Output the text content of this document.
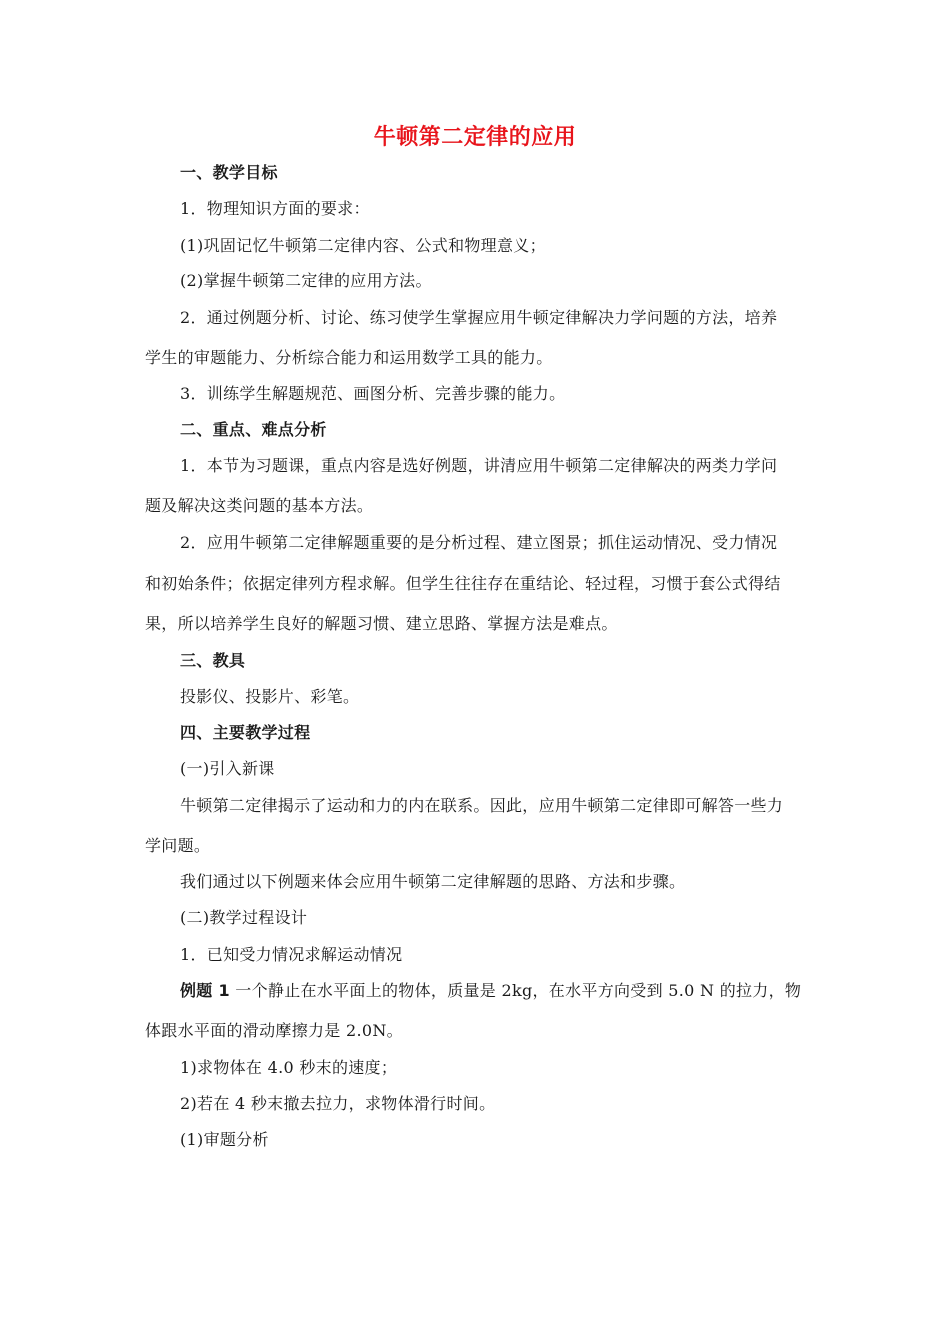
牛顿第二定律的应用
一、教学目标
1．物理知识方面的要求：
(1)巩固记忆牛顿第二定律内容、公式和物理意义；
(2)掌握牛顿第二定律的应用方法。
2．通过例题分析、讨论、练习使学生掌握应用牛顿定律解决力学问题的方法，培养
学生的审题能力、分析综合能力和运用数学工具的能力。
3．训练学生解题规范、画图分析、完善步骤的能力。
二、重点、难点分析
1．本节为习题课，重点内容是选好例题，讲清应用牛顿第二定律解决的两类力学问
题及解决这类问题的基本方法。
2．应用牛顿第二定律解题重要的是分析过程、建立图景；抓住运动情况、受力情况
和初始条件；依据定律列方程求解。但学生往往存在重结论、轻过程，习惯于套公式得结
果，所以培养学生良好的解题习惯、建立思路、掌握方法是难点。
三、教具
投影仪、投影片、彩笔。
四、主要教学过程
(一)引入新课
牛顿第二定律揭示了运动和力的内在联系。因此，应用牛顿第二定律即可解答一些力
学问题。
我们通过以下例题来体会应用牛顿第二定律解题的思路、方法和步骤。
(二)教学过程设计
1．已知受力情况求解运动情况
例题 1 一个静止在水平面上的物体，质量是 2kg，在水平方向受到 5.0 N 的拉力，物
体跟水平面的滑动摩擦力是 2.0N。
1)求物体在 4.0 秒末的速度；
2)若在 4 秒末撤去拉力，求物体滑行时间。
(1)审题分析
